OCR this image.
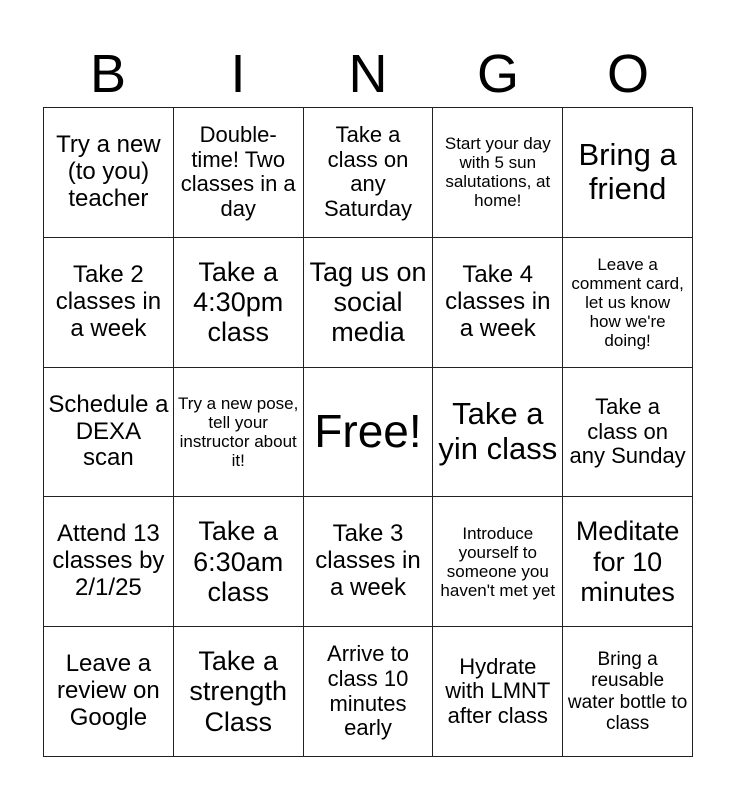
B	I	N	G	O
Try a new (to you) teacher	Double-time! Two classes in a day	Take a class on any Saturday	Start your day with 5 sun salutations, at home!	Bring a friend
Take 2 classes in a week	Take a 4:30pm class	Tag us on social media	Take 4 classes in a week	Leave a comment card, let us know how we're doing!
Schedule a DEXA scan	Try a new pose, tell your instructor about it!	Free!	Take a yin class	Take a class on any Sunday
Attend 13 classes by 2/1/25	Take a 6:30am class	Take 3 classes in a week	Introduce yourself to someone you haven't met yet	Meditate for 10 minutes
Leave a review on Google	Take a strength Class	Arrive to class 10 minutes early	Hydrate with LMNT after class	Bring a reusable water bottle to class
